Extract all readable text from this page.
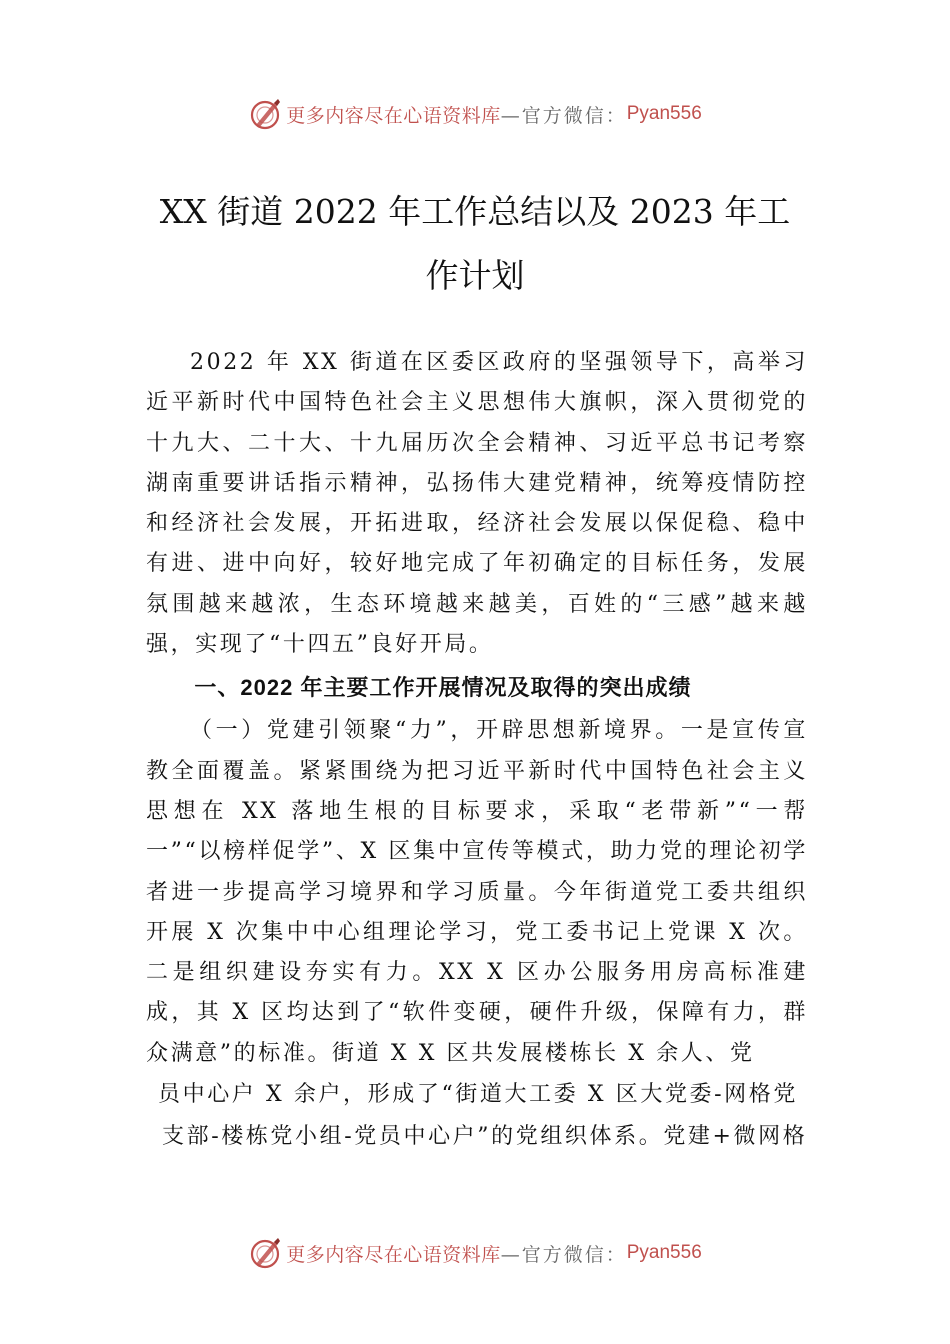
更多内容尽在心语资料库 —官方微信： Pyan556
XX 街道 2022 年工作总结以及 2023 年工
作计划

2022 年 XX 街道在区委区政府的坚强领导下，高举习近平新时代中国特色社会主义思想伟大旗帜，深入贯彻党的十九大、二十大、十九届历次全会精神、习近平总书记考察湖南重要讲话指示精神，弘扬伟大建党精神，统筹疫情防控和经济社会发展，开拓进取，经济社会发展以保促稳、稳中有进、进中向好，较好地完成了年初确定的目标任务，发展氛围越来越浓，生态环境越来越美，百姓的“三感”越来越强，实现了“十四五”良好开局。

一、2022 年主要工作开展情况及取得的突出成绩

（一）党建引领聚“力”，开辟思想新境界。一是宣传宣教全面覆盖。紧紧围绕为把习近平新时代中国特色社会主义思想在 XX 落地生根的目标要求，采取“老带新”“一帮一”“以榜样促学”、X 区集中宣传等模式，助力党的理论初学者进一步提高学习境界和学习质量。今年街道党工委共组织开展 X 次集中中心组理论学习，党工委书记上党课 X 次。二是组织建设夯实有力。XX X 区办公服务用房高标准建成，其 X 区均达到了“软件变硬，硬件升级，保障有力，群众满意”的标准。街道 X X 区共发展楼栋长 X 余人、党

员中心户 X 余户，形成了“街道大工委 X 区大党委-网格党

支部-楼栋党小组-党员中心户”的党组织体系。党建+微网格

更多内容尽在心语资料库 —官方微信： Pyan556
